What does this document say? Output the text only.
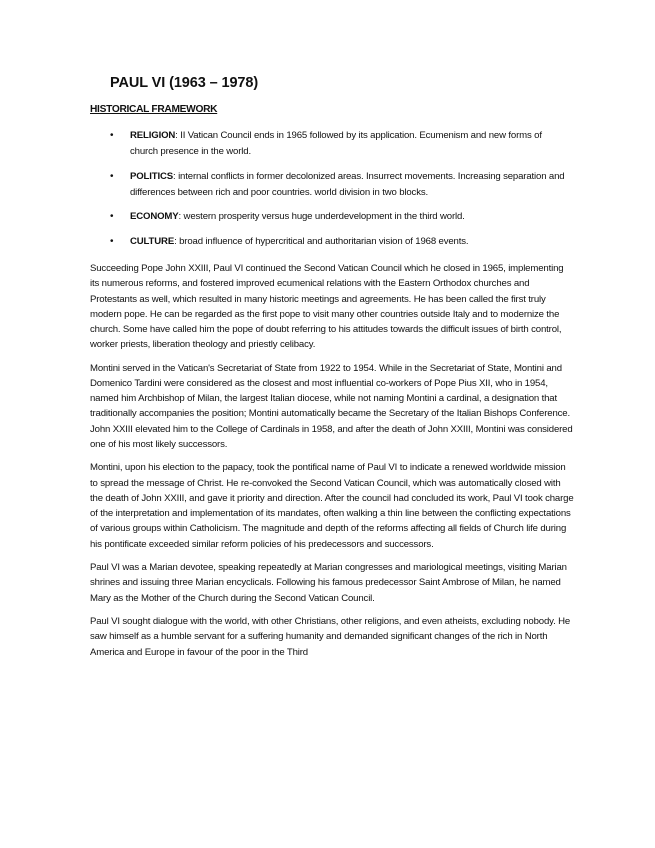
PAUL VI (1963 – 1978)
HISTORICAL FRAMEWORK
• RELIGION: II Vatican Council ends in 1965 followed by its application. Ecumenism and new forms of church presence in the world.
• POLITICS: internal conflicts in former decolonized areas. Insurrect movements. Increasing separation and differences between rich and poor countries. world division in two blocks.
• ECONOMY: western prosperity versus huge underdevelopment in the third world.
• CULTURE: broad influence of hypercritical and authoritarian vision of 1968 events.

Succeeding Pope John XXIII, Paul VI continued the Second Vatican Council which he closed in 1965, implementing its numerous reforms, and fostered improved ecumenical relations with the Eastern Orthodox churches and Protestants as well, which resulted in many historic meetings and agreements. He has been called the first truly modern pope. He can be regarded as the first pope to visit many other countries outside Italy and to modernize the church. Some have called him the pope of doubt referring to his attitudes towards the difficult issues of birth control, worker priests, liberation theology and priestly celibacy.

Montini served in the Vatican's Secretariat of State from 1922 to 1954. While in the Secretariat of State, Montini and Domenico Tardini were considered as the closest and most influential co-workers of Pope Pius XII, who in 1954, named him Archbishop of Milan, the largest Italian diocese, while not naming Montini a cardinal, a designation that traditionally accompanies the position; Montini automatically became the Secretary of the Italian Bishops Conference. John XXIII elevated him to the College of Cardinals in 1958, and after the death of John XXIII, Montini was considered one of his most likely successors.

Montini, upon his election to the papacy, took the pontifical name of Paul VI to indicate a renewed worldwide mission to spread the message of Christ. He re-convoked the Second Vatican Council, which was automatically closed with the death of John XXIII, and gave it priority and direction. After the council had concluded its work, Paul VI took charge of the interpretation and implementation of its mandates, often walking a thin line between the conflicting expectations of various groups within Catholicism. The magnitude and depth of the reforms affecting all fields of Church life during his pontificate exceeded similar reform policies of his predecessors and successors.

Paul VI was a Marian devotee, speaking repeatedly at Marian congresses and mariological meetings, visiting Marian shrines and issuing three Marian encyclicals. Following his famous predecessor Saint Ambrose of Milan, he named Mary as the Mother of the Church during the Second Vatican Council.

Paul VI sought dialogue with the world, with other Christians, other religions, and even atheists, excluding nobody. He saw himself as a humble servant for a suffering humanity and demanded significant changes of the rich in North America and Europe in favour of the poor in the Third
